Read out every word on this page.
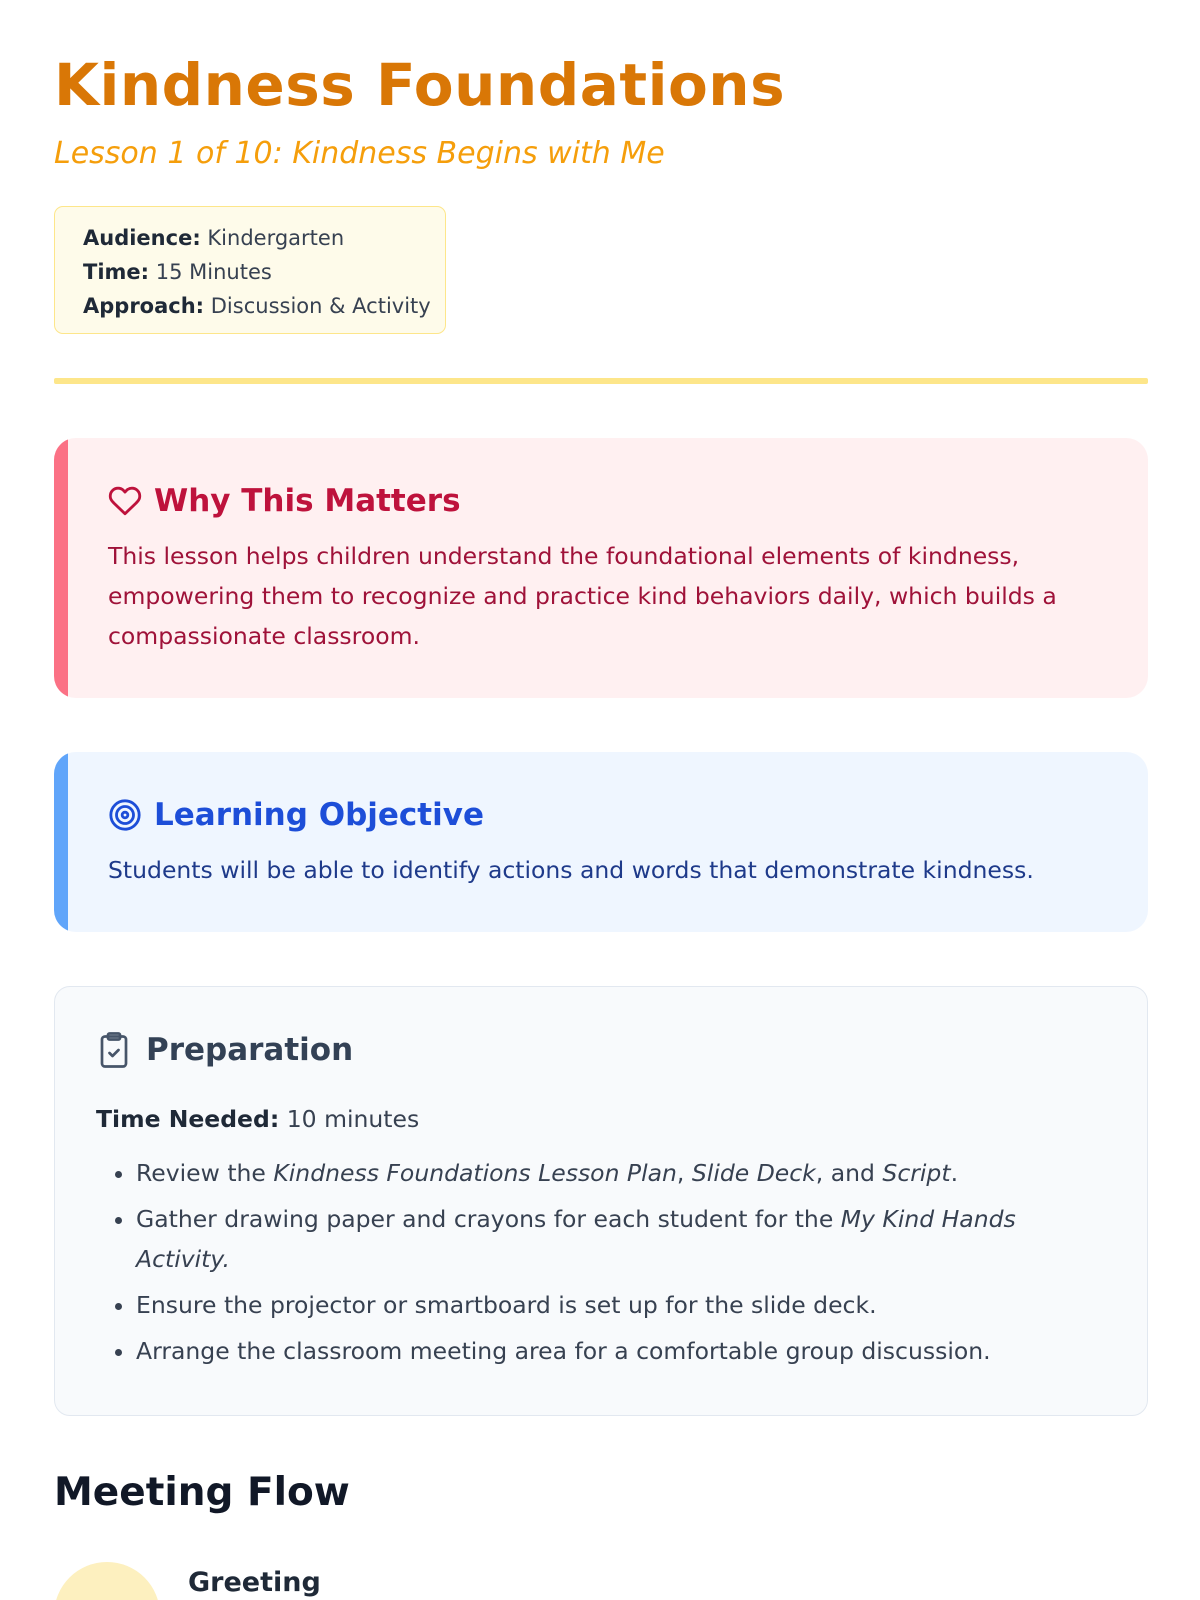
Kindness Foundations
Lesson 1 of 10: Kindness Begins with Me
Audience: Kindergarten
Time: 15 Minutes
Approach: Discussion & Activity
Why This Matters
This lesson helps children understand the foundational elements of kindness, empowering them to recognize and practice kind behaviors daily, which builds a compassionate classroom.
Learning Objective
Students will be able to identify actions and words that demonstrate kindness.
Preparation
Time Needed: 10 minutes
• Review the Kindness Foundations Lesson Plan, Slide Deck, and Script.
• Gather drawing paper and crayons for each student for the My Kind Hands Activity.
• Ensure the projector or smartboard is set up for the slide deck.
• Arrange the classroom meeting area for a comfortable group discussion.
Meeting Flow
Greeting
